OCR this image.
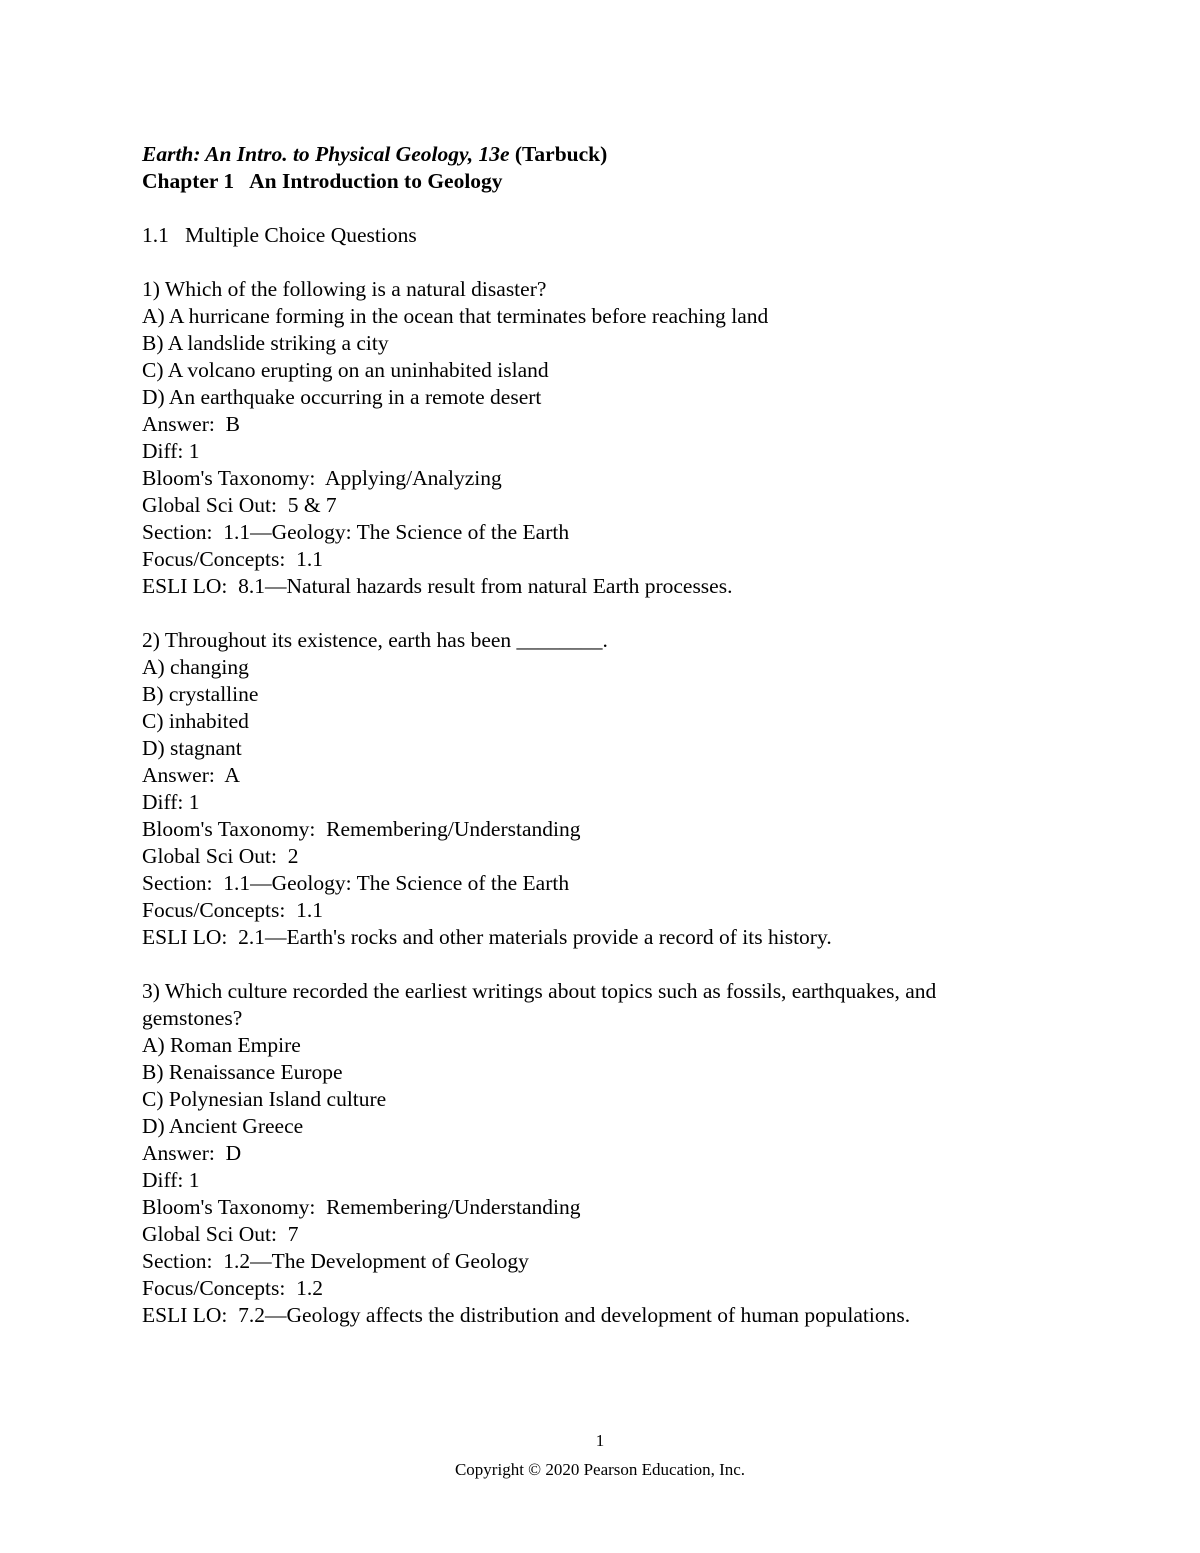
Earth: An Intro. to Physical Geology, 13e (Tarbuck)
Chapter 1   An Introduction to Geology
1.1   Multiple Choice Questions
1) Which of the following is a natural disaster?
A) A hurricane forming in the ocean that terminates before reaching land
B) A landslide striking a city
C) A volcano erupting on an uninhabited island
D) An earthquake occurring in a remote desert
Answer:  B
Diff: 1
Bloom's Taxonomy:  Applying/Analyzing
Global Sci Out:  5 & 7
Section:  1.1—Geology: The Science of the Earth
Focus/Concepts:  1.1
ESLI LO:  8.1—Natural hazards result from natural Earth processes.
2) Throughout its existence, earth has been ________.
A) changing
B) crystalline
C) inhabited
D) stagnant
Answer:  A
Diff: 1
Bloom's Taxonomy:  Remembering/Understanding
Global Sci Out:  2
Section:  1.1—Geology: The Science of the Earth
Focus/Concepts:  1.1
ESLI LO:  2.1—Earth's rocks and other materials provide a record of its history.
3) Which culture recorded the earliest writings about topics such as fossils, earthquakes, and
gemstones?
A) Roman Empire
B) Renaissance Europe
C) Polynesian Island culture
D) Ancient Greece
Answer:  D
Diff: 1
Bloom's Taxonomy:  Remembering/Understanding
Global Sci Out:  7
Section:  1.2—The Development of Geology
Focus/Concepts:  1.2
ESLI LO:  7.2—Geology affects the distribution and development of human populations.
1
Copyright © 2020 Pearson Education, Inc.
